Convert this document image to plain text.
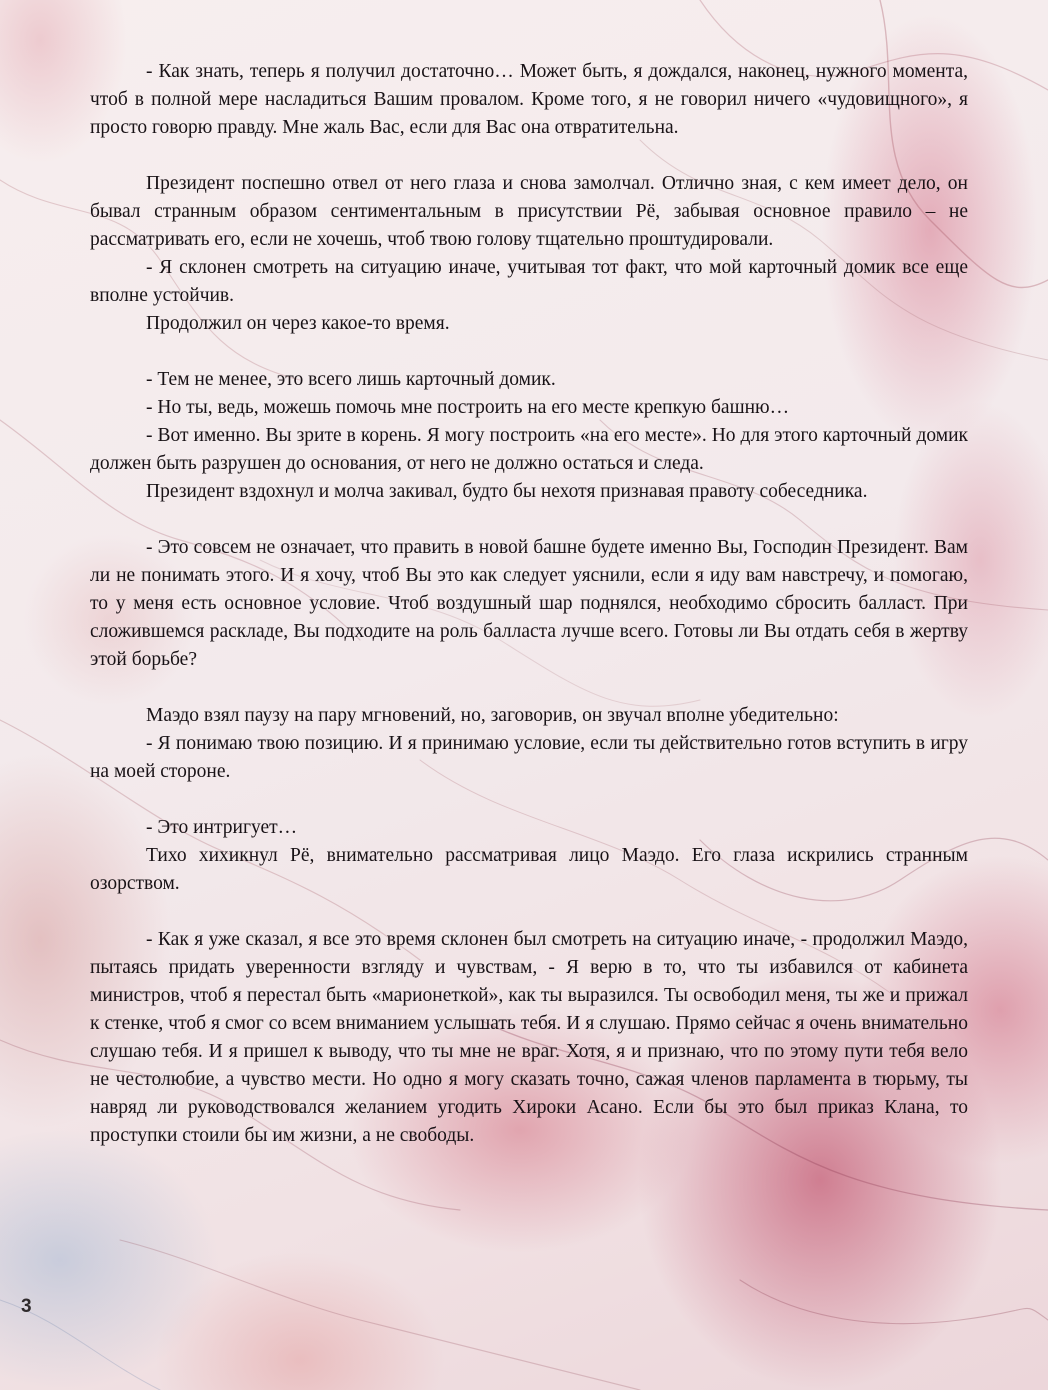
- Как знать, теперь я получил достаточно… Может быть, я дождался, наконец, нужного момента, чтоб в полной мере насладиться Вашим провалом. Кроме того, я не говорил ничего «чудовищного», я просто говорю правду. Мне жаль Вас, если для Вас она отвратительна.

Президент поспешно отвел от него глаза и снова замолчал. Отлично зная, с кем имеет дело, он бывал странным образом сентиментальным в присутствии Рё, забывая основное правило – не рассматривать его, если не хочешь, чтоб твою голову тщательно проштудировали.

- Я склонен смотреть на ситуацию иначе, учитывая тот факт, что мой карточный домик все еще вполне устойчив.

Продолжил он через какое-то время.

- Тем не менее, это всего лишь карточный домик.

- Но ты, ведь, можешь помочь мне построить на его месте крепкую башню…

- Вот именно. Вы зрите в корень. Я могу построить «на его месте». Но для этого карточный домик должен быть разрушен до основания, от него не должно остаться и следа.

Президент вздохнул и молча закивал, будто бы нехотя признавая правоту собеседника.

- Это совсем не означает, что править в новой башне будете именно Вы, Господин Президент. Вам ли не понимать этого. И я хочу, чтоб Вы это как следует уяснили, если я иду вам навстречу, и помогаю, то у меня есть основное условие. Чтоб воздушный шар поднялся, необходимо сбросить балласт. При сложившемся раскладе, Вы подходите на роль балласта лучше всего. Готовы ли Вы отдать себя в жертву этой борьбе?

Маэдо взял паузу на пару мгновений, но, заговорив, он звучал вполне убедительно:

- Я понимаю твою позицию. И я принимаю условие, если ты действительно готов вступить в игру на моей стороне.

- Это интригует…

Тихо хихикнул Рё, внимательно рассматривая лицо Маэдо. Его глаза искрились странным озорством.

- Как я уже сказал, я все это время склонен был смотреть на ситуацию иначе, - продолжил Маэдо, пытаясь придать уверенности взгляду и чувствам, - Я верю в то, что ты избавился от кабинета министров, чтоб я перестал быть «марионеткой», как ты выразился. Ты освободил меня, ты же и прижал к стенке, чтоб я смог со всем вниманием услышать тебя. И я слушаю. Прямо сейчас я очень внимательно слушаю тебя. И я пришел к выводу, что ты мне не враг. Хотя, я и признаю, что по этому пути тебя вело не честолюбие, а чувство мести. Но одно я могу сказать точно, сажая членов парламента в тюрьму, ты навряд ли руководствовался желанием угодить Хироки Асано. Если бы это был приказ Клана, то проступки стоили бы им жизни, а не свободы.

3
